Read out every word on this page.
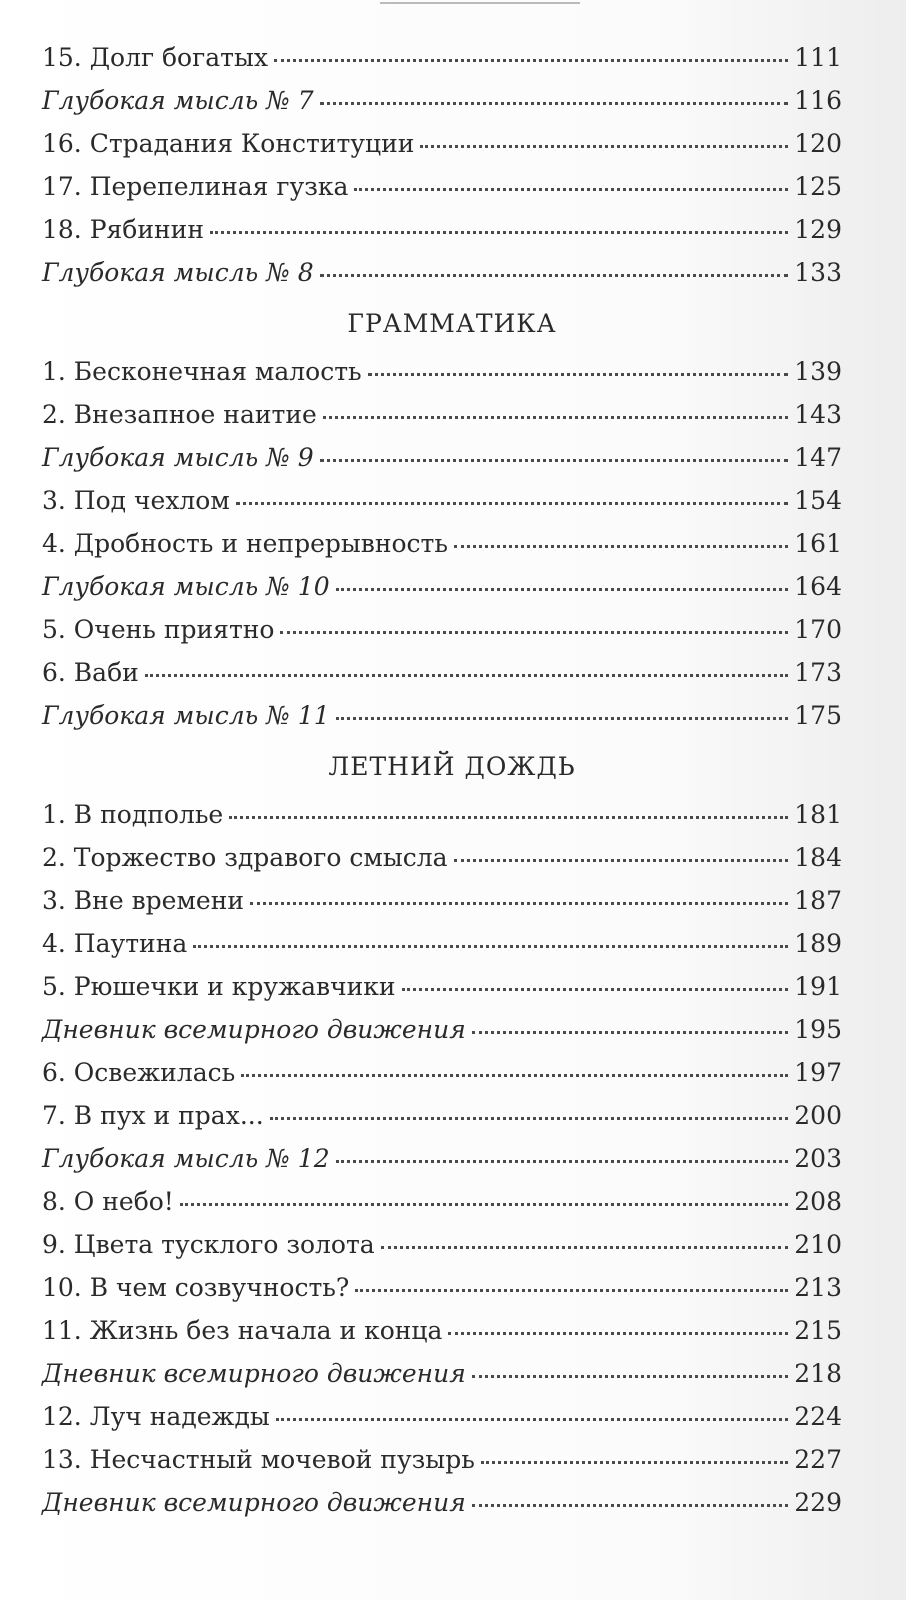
15. Долг богатых	111
Глубокая мысль № 7	116
16. Страдания Конституции	120
17. Перепелиная гузка	125
18. Рябинин	129
Глубокая мысль № 8	133
ГРАММАТИКА
1. Бесконечная малость	139
2. Внезапное наитие	143
Глубокая мысль № 9	147
3. Под чехлом	154
4. Дробность и непрерывность	161
Глубокая мысль № 10	164
5. Очень приятно	170
6. Ваби	173
Глубокая мысль № 11	175
ЛЕТНИЙ ДОЖДЬ
1. В подполье	181
2. Торжество здравого смысла	184
3. Вне времени	187
4. Паутина	189
5. Рюшечки и кружавчики	191
Дневник всемирного движения	195
6. Освежилась	197
7. В пух и прах...	200
Глубокая мысль № 12	203
8. О небо!	208
9. Цвета тусклого золота	210
10. В чем созвучность?	213
11. Жизнь без начала и конца	215
Дневник всемирного движения	218
12. Луч надежды	224
13. Несчастный мочевой пузырь	227
Дневник всемирного движения	229
